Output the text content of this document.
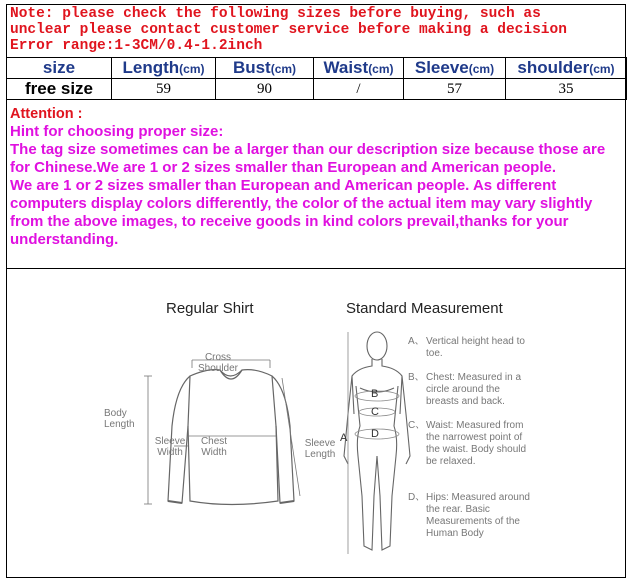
Note: please check the following sizes before buying, such as
unclear please contact customer service before making a decision
Error range:1-3CM/0.4-1.2inch
size	Length(cm)	Bust(cm)	Waist(cm)	Sleeve(cm)	shoulder(cm)
free size	59	90	/	57	35
Attention :

Hint for choosing proper size:

The tag size sometimes can be a larger than our description size because those are for Chinese.We are 1 or 2 sizes smaller than European and American people.

We are 1 or 2 sizes smaller than European and American people. As different computers display colors differently, the color of the actual item may vary slightly from the above images, to receive goods in kind colors prevail,thanks for your understanding.

Regular Shirt	Standard Measurement
Cross Shoulder
Body Length
Sleeve Width
Chest Width
Sleeve Length
A
B
C
D
A、 Vertical height head to toe.
B、 Chest: Measured in a circle around the breasts and back.
C、 Waist: Measured from the narrowest point of the waist. Body should be relaxed.
D、 Hips: Measured around the rear. Basic Measurements of the Human Body
